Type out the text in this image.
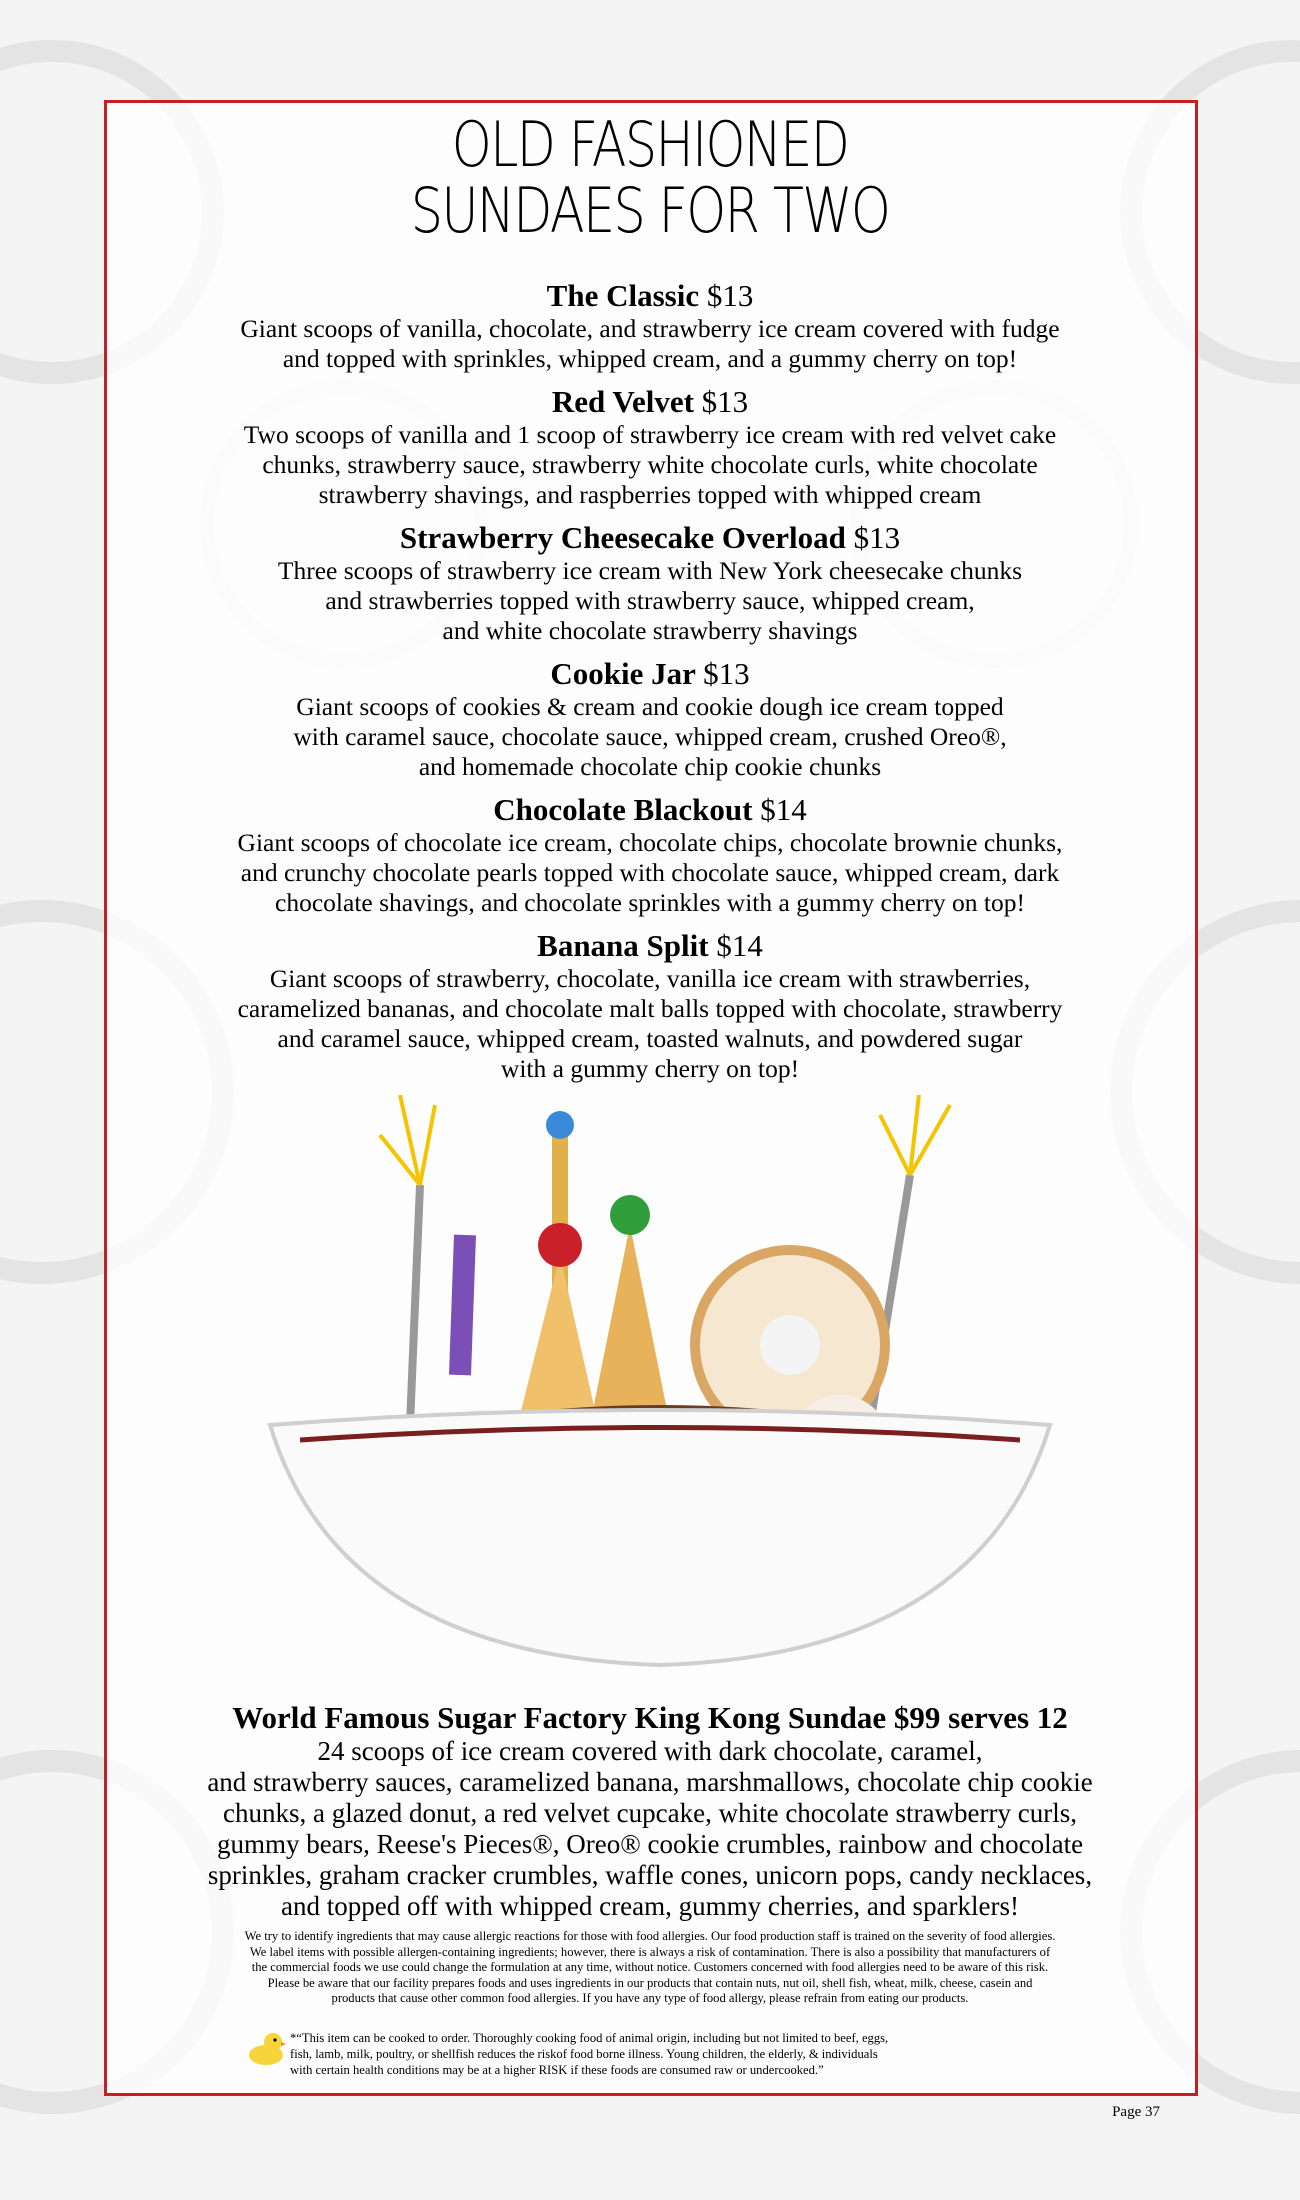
OLD FASHIONED
SUNDAES FOR TWO
The Classic $13

Giant scoops of vanilla, chocolate, and strawberry ice cream covered with fudge
and topped with sprinkles, whipped cream, and a gummy cherry on top!

Red Velvet $13

Two scoops of vanilla and 1 scoop of strawberry ice cream with red velvet cake
chunks, strawberry sauce, strawberry white chocolate curls, white chocolate
strawberry shavings, and raspberries topped with whipped cream

Strawberry Cheesecake Overload $13

Three scoops of strawberry ice cream with New York cheesecake chunks
and strawberries topped with strawberry sauce, whipped cream,
and white chocolate strawberry shavings

Cookie Jar $13

Giant scoops of cookies & cream and cookie dough ice cream topped
with caramel sauce, chocolate sauce, whipped cream, crushed Oreo®,
and homemade chocolate chip cookie chunks

Chocolate Blackout $14

Giant scoops of chocolate ice cream, chocolate chips, chocolate brownie chunks,
and crunchy chocolate pearls topped with chocolate sauce, whipped cream, dark
chocolate shavings, and chocolate sprinkles with a gummy cherry on top!

Banana Split $14

Giant scoops of strawberry, chocolate, vanilla ice cream with strawberries,
caramelized bananas, and chocolate malt balls topped with chocolate, strawberry
and caramel sauce, whipped cream, toasted walnuts, and powdered sugar
with a gummy cherry on top!

World Famous Sugar Factory King Kong Sundae $99 serves 12

24 scoops of ice cream covered with dark chocolate, caramel,
and strawberry sauces, caramelized banana, marshmallows, chocolate chip cookie
chunks, a glazed donut, a red velvet cupcake, white chocolate strawberry curls,
gummy bears, Reese's Pieces®, Oreo® cookie crumbles, rainbow and chocolate
sprinkles, graham cracker crumbles, waffle cones, unicorn pops, candy necklaces,
and topped off with whipped cream, gummy cherries, and sparklers!

We try to identify ingredients that may cause allergic reactions for those with food allergies. Our food production staff is trained on the severity of food allergies.
We label items with possible allergen-containing ingredients; however, there is always a risk of contamination. There is also a possibility that manufacturers of
the commercial foods we use could change the formulation at any time, without notice. Customers concerned with food allergies need to be aware of this risk.
Please be aware that our facility prepares foods and uses ingredients in our products that contain nuts, nut oil, shell fish, wheat, milk, cheese, casein and
products that cause other common food allergies. If you have any type of food allergy, please refrain from eating our products.
*“This item can be cooked to order. Thoroughly cooking food of animal origin, including but not limited to beef, eggs,
fish, lamb, milk, poultry, or shellfish reduces the riskof food borne illness. Young children, the elderly, & individuals
with certain health conditions may be at a higher RISK if these foods are consumed raw or undercooked.”
Page 37
